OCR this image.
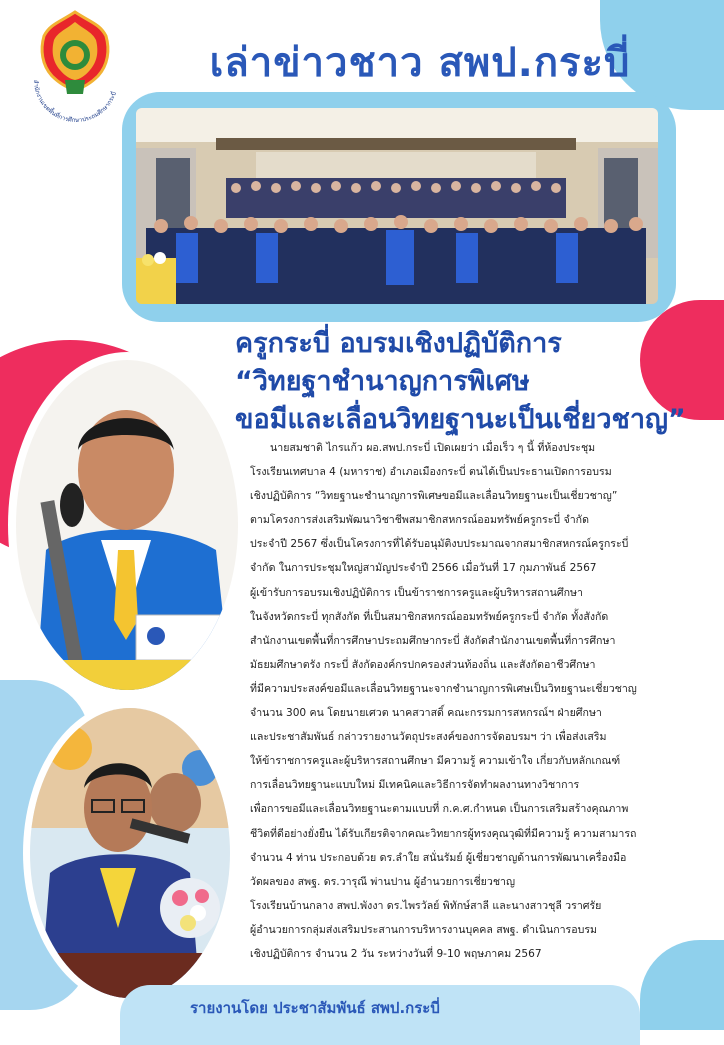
สำนักงานเขตพื้นที่การศึกษาประถมศึกษากระบี่
เล่าข่าวชาว สพป.กระบี่
ครูกระบี่ อบรมเชิงปฏิบัติการ
“วิทยฐาชำนาญการพิเศษ
ขอมีและเลื่อนวิทยฐานะเป็นเชี่ยวชาญ”

นายสมชาติ ไกรแก้ว ผอ.สพป.กระบี่ เปิดเผยว่า เมื่อเร็ว ๆ นี้ ที่ห้องประชุม

โรงเรียนเทศบาล 4 (มหาราช) อำเภอเมืองกระบี่ ตนได้เป็นประธานเปิดการอบรม

เชิงปฏิบัติการ “วิทยฐานะชำนาญการพิเศษขอมีและเลื่อนวิทยฐานะเป็นเชี่ยวชาญ”

ตามโครงการส่งเสริมพัฒนาวิชาชีพสมาชิกสหกรณ์ออมทรัพย์ครูกระบี่ จำกัด

ประจำปี 2567 ซึ่งเป็นโครงการที่ได้รับอนุมัติงบประมาณจากสมาชิกสหกรณ์ครูกระบี่

จำกัด ในการประชุมใหญ่สามัญประจำปี 2566 เมื่อวันที่ 17 กุมภาพันธ์ 2567

ผู้เข้ารับการอบรมเชิงปฏิบัติการ เป็นข้าราชการครูและผู้บริหารสถานศึกษา

ในจังหวัดกระบี่ ทุกสังกัด ที่เป็นสมาชิกสหกรณ์ออมทรัพย์ครูกระบี่ จำกัด ทั้งสังกัด

สำนักงานเขตพื้นที่การศึกษาประถมศึกษากระบี่ สังกัดสำนักงานเขตพื้นที่การศึกษา

มัธยมศึกษาตรัง กระบี่ สังกัดองค์กรปกครองส่วนท้องถิ่น และสังกัดอาชีวศึกษา

ที่มีความประสงค์ขอมีและเลื่อนวิทยฐานะจากชำนาญการพิเศษเป็นวิทยฐานะเชี่ยวชาญ

จำนวน 300 คน โดยนายเศวต นาคสวาสดิ์ คณะกรรมการสหกรณ์ฯ ฝ่ายศึกษา

และประชาสัมพันธ์ กล่าวรายงานวัตถุประสงค์ของการจัดอบรมฯ ว่า เพื่อส่งเสริม

ให้ข้าราชการครูและผู้บริหารสถานศึกษา มีความรู้ ความเข้าใจ เกี่ยวกับหลักเกณฑ์

การเลื่อนวิทยฐานะแบบใหม่ มีเทคนิคและวิธีการจัดทำผลงานทางวิชาการ

เพื่อการขอมีและเลื่อนวิทยฐานะตามแบบที่ ก.ค.ศ.กำหนด เป็นการเสริมสร้างคุณภาพ

ชีวิตที่ดีอย่างยั่งยืน ได้รับเกียรติจากคณะวิทยากรผู้ทรงคุณวุฒิที่มีความรู้ ความสามารถ

จำนวน 4 ท่าน ประกอบด้วย ดร.ลำใย สนั่นรัมย์ ผู้เชี่ยวชาญด้านการพัฒนาเครื่องมือ

วัดผลของ สพฐ. ดร.วารุณี พ่านปาน ผู้อำนวยการเชี่ยวชาญ

โรงเรียนบ้านกลาง สพป.พังงา ดร.ไพรวัลย์ พิทักษ์สาลี และนางสาวชุลี วราศรัย

ผู้อำนวยการกลุ่มส่งเสริมประสานการบริหารงานบุคคล สพฐ. ดำเนินการอบรม

เชิงปฏิบัติการ จำนวน 2 วัน ระหว่างวันที่ 9-10 พฤษภาคม 2567

รายงานโดย ประชาสัมพันธ์ สพป.กระบี่
